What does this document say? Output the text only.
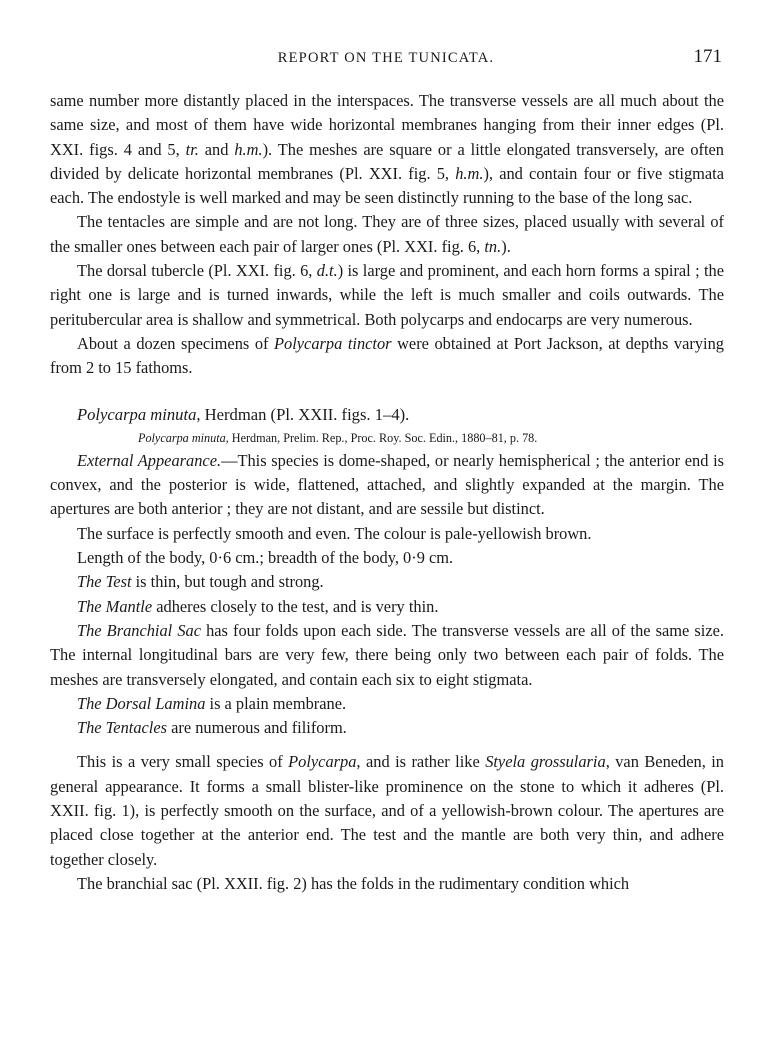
REPORT ON THE TUNICATA.	171

same number more distantly placed in the interspaces. The transverse vessels are all much about the same size, and most of them have wide horizontal membranes hanging from their inner edges (Pl. XXI. figs. 4 and 5, tr. and h.m.). The meshes are square or a little elongated transversely, are often divided by delicate horizontal membranes (Pl. XXI. fig. 5, h.m.), and contain four or five stigmata each. The endostyle is well marked and may be seen distinctly running to the base of the long sac.

The tentacles are simple and are not long. They are of three sizes, placed usually with several of the smaller ones between each pair of larger ones (Pl. XXI. fig. 6, tn.).

The dorsal tubercle (Pl. XXI. fig. 6, d.t.) is large and prominent, and each horn forms a spiral ; the right one is large and is turned inwards, while the left is much smaller and coils outwards. The peritubercular area is shallow and symmetrical. Both polycarps and endocarps are very numerous.

About a dozen specimens of Polycarpa tinctor were obtained at Port Jackson, at depths varying from 2 to 15 fathoms.

Polycarpa minuta, Herdman (Pl. XXII. figs. 1–4).

Polycarpa minuta, Herdman, Prelim. Rep., Proc. Roy. Soc. Edin., 1880–81, p. 78.

External Appearance.—This species is dome-shaped, or nearly hemispherical ; the anterior end is convex, and the posterior is wide, flattened, attached, and slightly expanded at the margin. The apertures are both anterior ; they are not distant, and are sessile but distinct.

The surface is perfectly smooth and even. The colour is pale-yellowish brown.

Length of the body, 0·6 cm.; breadth of the body, 0·9 cm.

The Test is thin, but tough and strong.

The Mantle adheres closely to the test, and is very thin.

The Branchial Sac has four folds upon each side. The transverse vessels are all of the same size. The internal longitudinal bars are very few, there being only two between each pair of folds. The meshes are transversely elongated, and contain each six to eight stigmata.

The Dorsal Lamina is a plain membrane.

The Tentacles are numerous and filiform.

This is a very small species of Polycarpa, and is rather like Styela grossularia, van Beneden, in general appearance. It forms a small blister-like prominence on the stone to which it adheres (Pl. XXII. fig. 1), is perfectly smooth on the surface, and of a yellowish-brown colour. The apertures are placed close together at the anterior end. The test and the mantle are both very thin, and adhere together closely.

The branchial sac (Pl. XXII. fig. 2) has the folds in the rudimentary condition which
